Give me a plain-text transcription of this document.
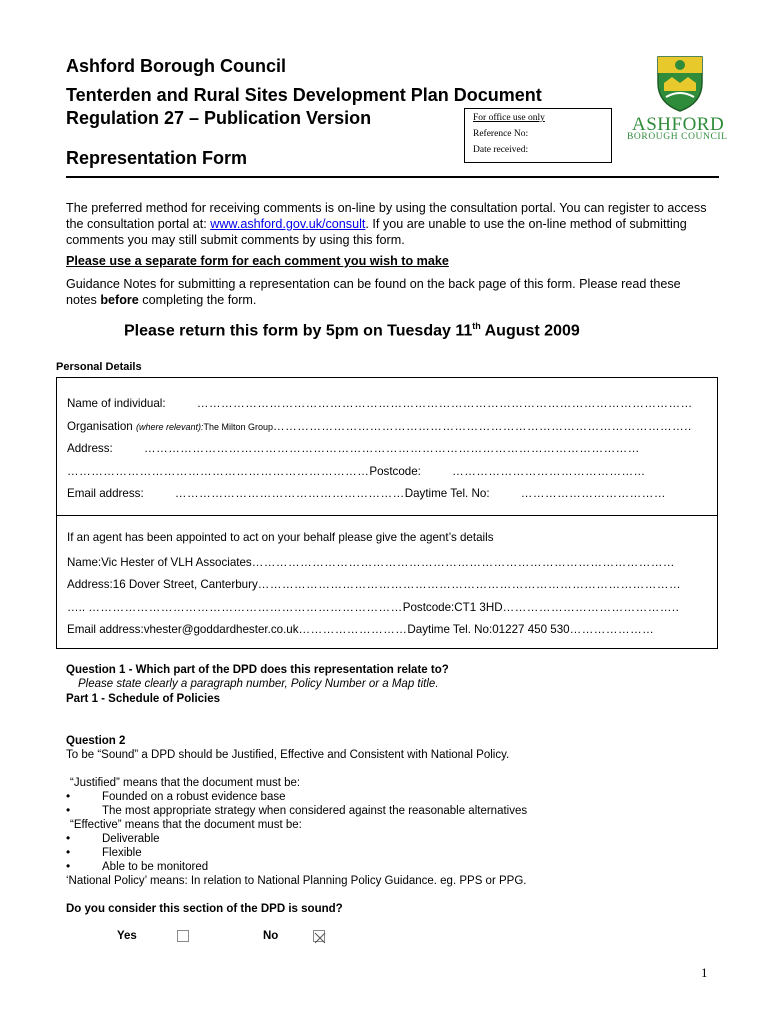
Ashford Borough Council
Tenterden and Rural Sites Development Plan Document
Regulation 27 – Publication Version
Representation Form
For office use only
Reference No:
Date received:
ASHFORD
BOROUGH COUNCIL
The preferred method for receiving comments is on-line by using the consultation portal. You can register to access the consultation portal at: www.ashford.gov.uk/consult. If you are unable to use the on-line method of submitting comments you may still submit comments by using this form.
Please use a separate form for each comment you wish to make
Guidance Notes for submitting a representation can be found on the back page of this form. Please read these notes before completing the form.
Please return this form by 5pm on Tuesday 11th August 2009
Personal Details
Name of individual:	……………………………………………………………………………………………………………
Organisation (where relevant):The Milton Group…………………………………………………………………………………………..
Address:	……………………………………………………………………………………………………………
…………………………………………………………………Postcode:	…………………………………………
Email address:	…………………………………………………Daytime Tel. No:	………………………………
If an agent has been appointed to act on your behalf please give the agent’s details
Name:Vic Hester of VLH Associates……………………………………………………………………………………………
Address:16 Dover Street, Canterbury……………………………………………………………………………………………
….. ……………………………………………………………………Postcode:CT1 3HD……………………………………..
Email address:vhester@goddardhester.co.uk………………………Daytime Tel. No:01227 450 530…………………
Question 1 - Which part of the DPD does this representation relate to?
Please state clearly a paragraph number, Policy Number or a Map title.
Part 1 - Schedule of Policies
Question 2
To be “Sound” a DPD should be Justified, Effective and Consistent with National Policy.
“Justified” means that the document must be:
•	Founded on a robust evidence base
•	The most appropriate strategy when considered against the reasonable alternatives
“Effective” means that the document must be:
•	Deliverable
•	Flexible
•	Able to be monitored
‘National Policy’ means: In relation to National Planning Policy Guidance. eg. PPS or PPG.
Do you consider this section of the DPD is sound?
Yes	No
1
